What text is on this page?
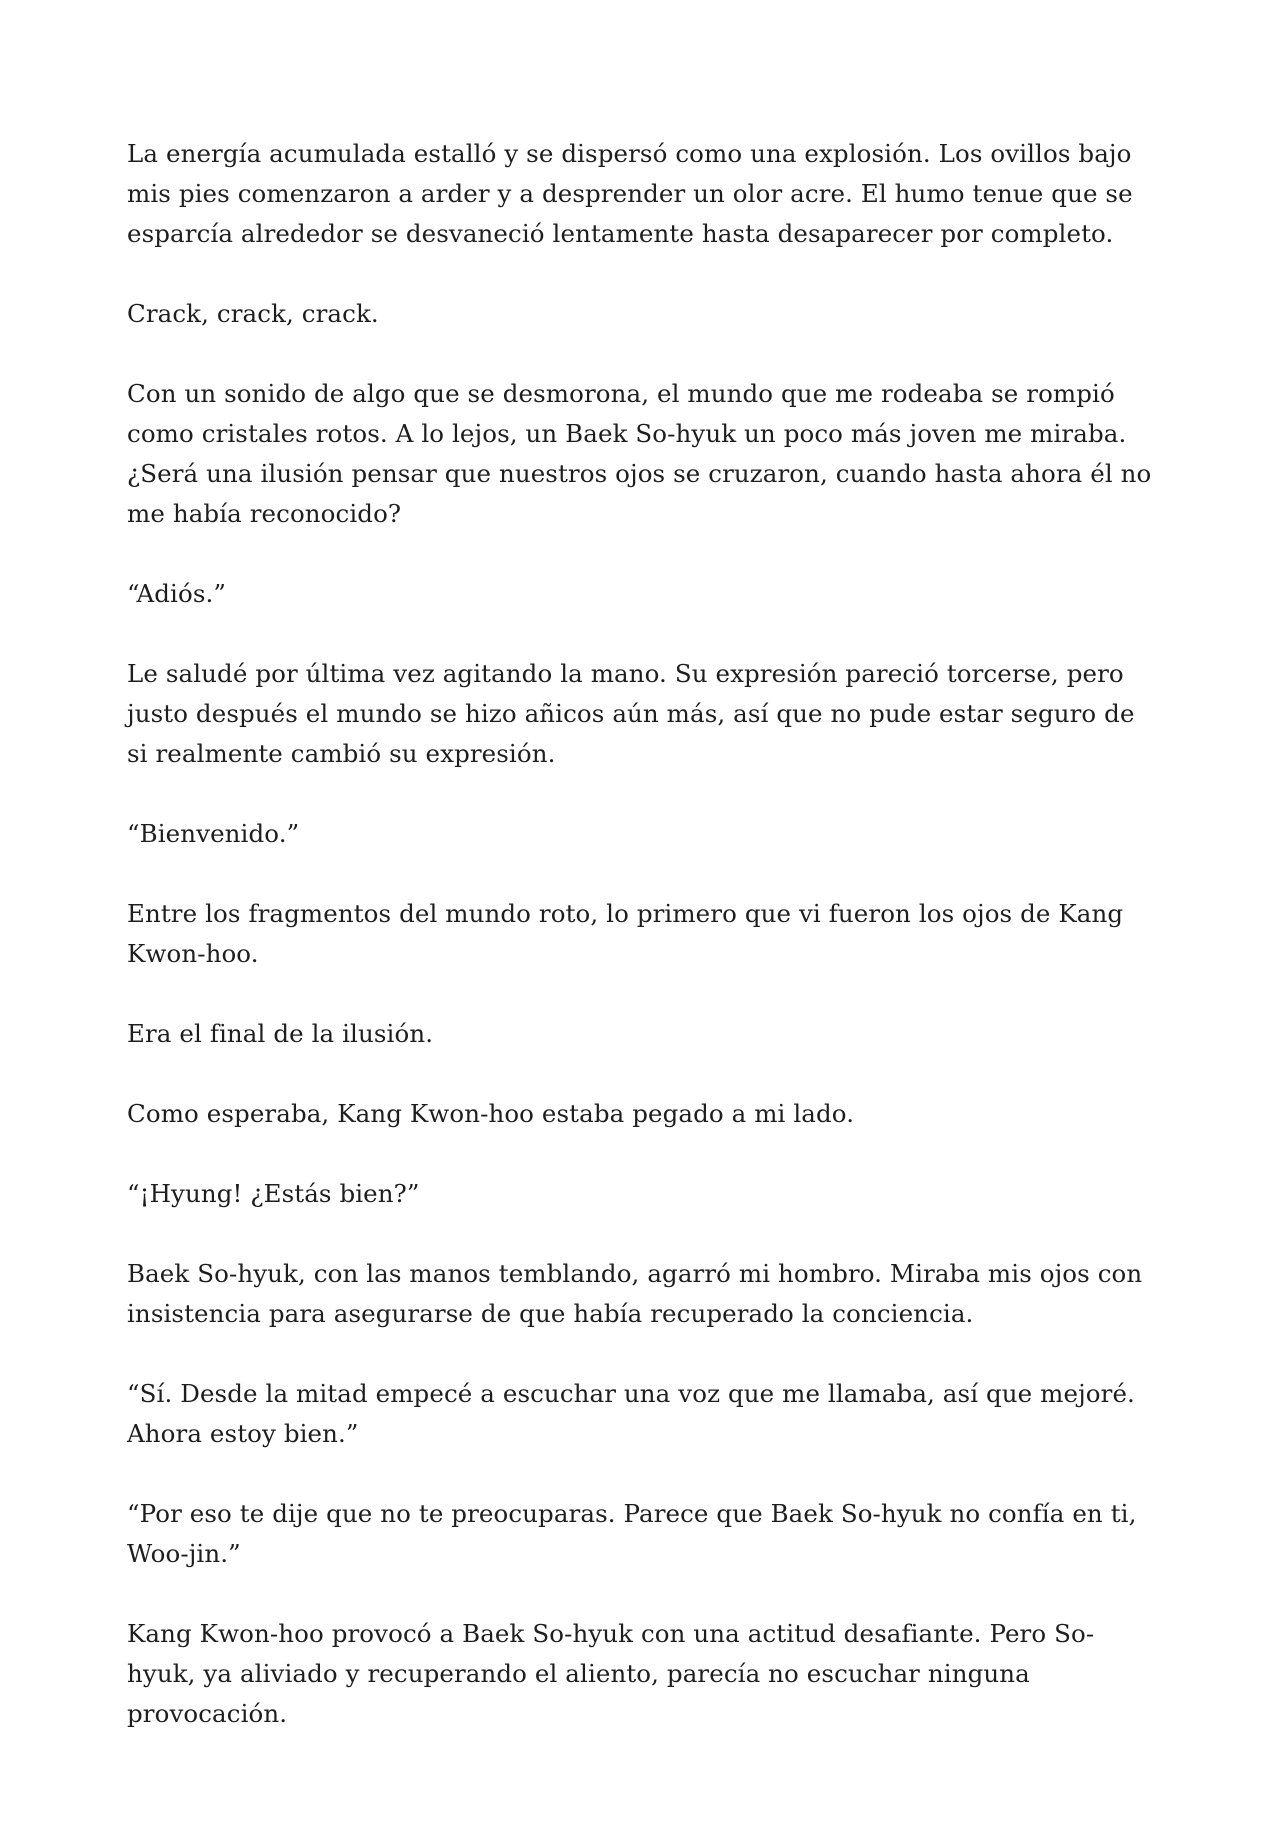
La energía acumulada estalló y se dispersó como una explosión. Los ovillos bajo mis pies comenzaron a arder y a desprender un olor acre. El humo tenue que se esparcía alrededor se desvaneció lentamente hasta desaparecer por completo.

Crack, crack, crack.

Con un sonido de algo que se desmorona, el mundo que me rodeaba se rompió como cristales rotos. A lo lejos, un Baek So-hyuk un poco más joven me miraba. ¿Será una ilusión pensar que nuestros ojos se cruzaron, cuando hasta ahora él no me había reconocido?

“Adiós.”

Le saludé por última vez agitando la mano. Su expresión pareció torcerse, pero justo después el mundo se hizo añicos aún más, así que no pude estar seguro de si realmente cambió su expresión.

“Bienvenido.”

Entre los fragmentos del mundo roto, lo primero que vi fueron los ojos de Kang Kwon-hoo.

Era el final de la ilusión.

Como esperaba, Kang Kwon-hoo estaba pegado a mi lado.

“¡Hyung! ¿Estás bien?”

Baek So-hyuk, con las manos temblando, agarró mi hombro. Miraba mis ojos con insistencia para asegurarse de que había recuperado la conciencia.

“Sí. Desde la mitad empecé a escuchar una voz que me llamaba, así que mejoré. Ahora estoy bien.”

“Por eso te dije que no te preocuparas. Parece que Baek So-hyuk no confía en ti, Woo-jin.”

Kang Kwon-hoo provocó a Baek So-hyuk con una actitud desafiante. Pero So-hyuk, ya aliviado y recuperando el aliento, parecía no escuchar ninguna provocación.
